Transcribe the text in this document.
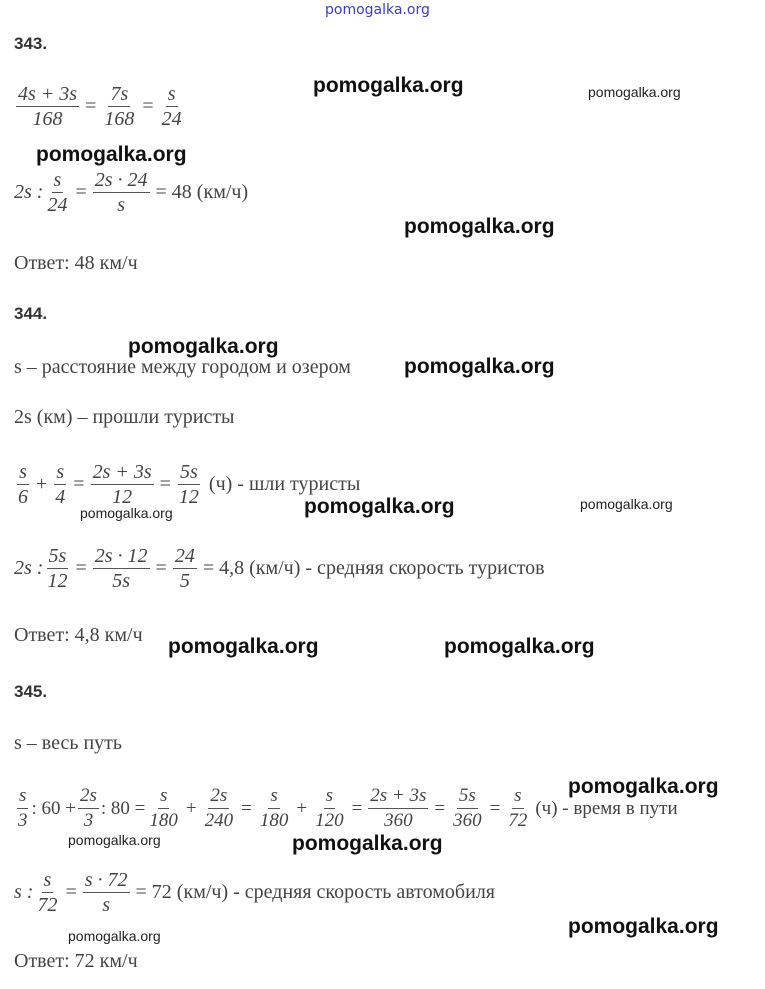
pomogalka.org
343.
$\frac{4s + 3s}{168} = \frac{7s}{168} = \frac{s}{24}$
2s : $\frac{s}{24} = \frac{2s \cdot 24}{s} = 48$ (км/ч)
Ответ: 48 км/ч
344.
s – расстояние между городом и озером
2s (км) – прошли туристы
$\frac{s}{6} + \frac{s}{4} = \frac{2s + 3s}{12} = \frac{5s}{12} (ч)$ - шли туристы
2s : $\frac{5s}{12} = \frac{2s \cdot 12}{5s} = \frac{24}{5} = 4,8$ (км/ч) - средняя скорость туристов
Ответ: 4,8 км/ч
345.
s – весь путь
$\frac{s}{3}$ : $60 + \frac{2s}{3}$ : $80 = \frac{s}{180} + \frac{2s}{240} = \frac{s}{180} + \frac{s}{120} = \frac{2s + 3s}{360} = \frac{5s}{360} = \frac{s}{72} (ч)$ - время в пути
s : $\frac{s}{72} = \frac{s \cdot 72}{s} = 72$ (км/ч) - средняя скорость автомобиля
Ответ: 72 км/ч
pomogalka.org	pomogalka.org
pomogalka.org
pomogalka.org
pomogalka.org
pomogalka.org
pomogalka.org	pomogalka.org	pomogalka.org
pomogalka.org	pomogalka.org
pomogalka.org
pomogalka.org	pomogalka.org
pomogalka.org
pomogalka.org
